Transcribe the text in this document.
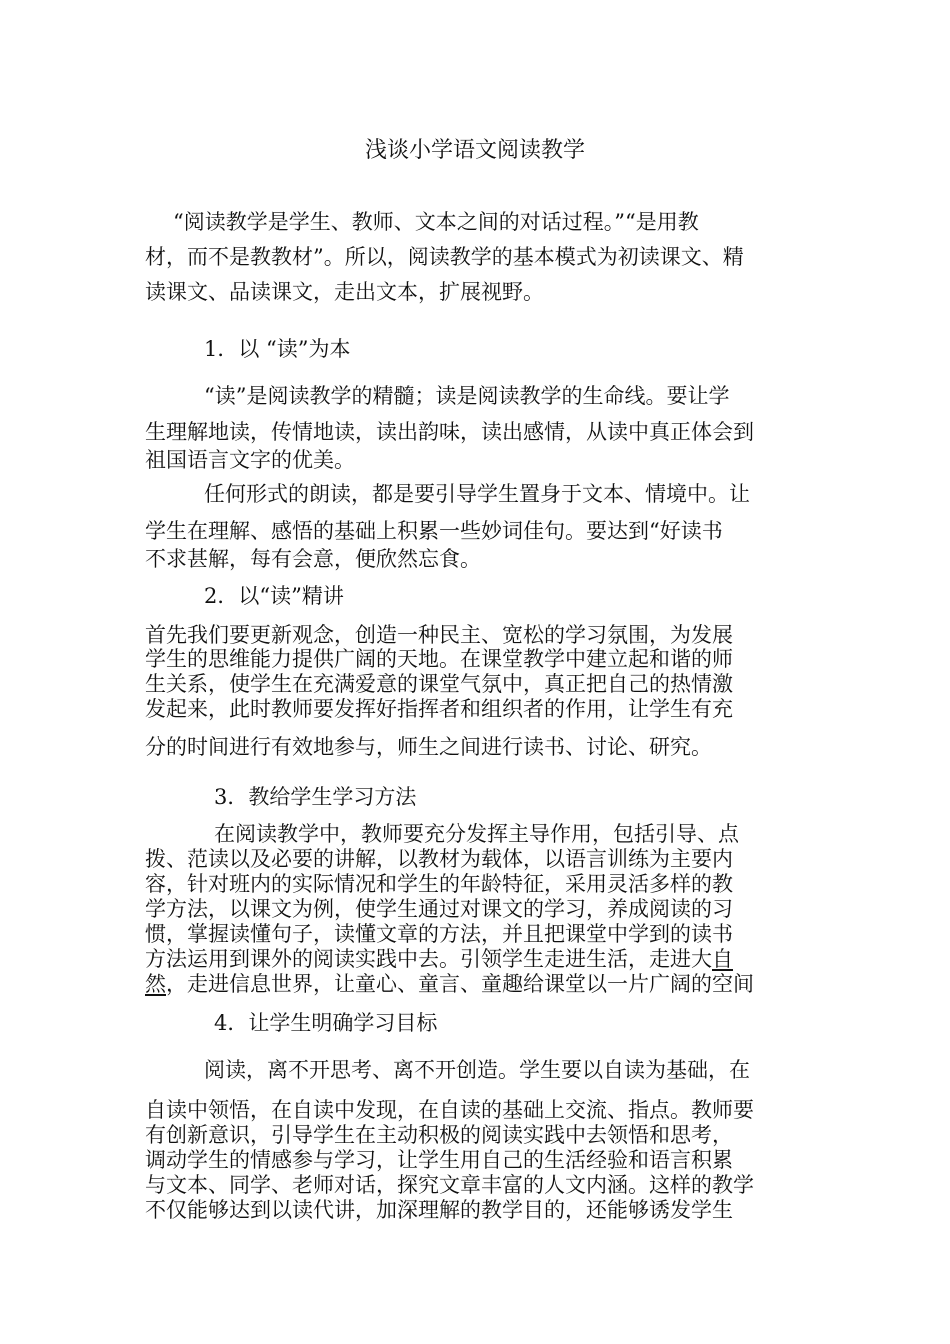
浅谈小学语文阅读教学
“阅读教学是学生、教师、文本之间的对话过程。”“是用教
材，而不是教教材”。所以，阅读教学的基本模式为初读课文、精
读课文、品读课文，走出文本，扩展视野。
1．以 “读”为本
“读”是阅读教学的精髓；读是阅读教学的生命线。要让学
生理解地读，传情地读，读出韵味，读出感情，从读中真正体会到
祖国语言文字的优美。
任何形式的朗读，都是要引导学生置身于文本、情境中。让
学生在理解、感悟的基础上积累一些妙词佳句。要达到“好读书
不求甚解，每有会意，便欣然忘食。
2．以“读”精讲
首先我们要更新观念，创造一种民主、宽松的学习氛围，为发展
学生的思维能力提供广阔的天地。在课堂教学中建立起和谐的师
生关系，使学生在充满爱意的课堂气氛中，真正把自己的热情激
发起来，此时教师要发挥好指挥者和组织者的作用，让学生有充
分的时间进行有效地参与，师生之间进行读书、讨论、研究。
3．教给学生学习方法
在阅读教学中，教师要充分发挥主导作用，包括引导、点
拨、范读以及必要的讲解，以教材为载体，以语言训练为主要内
容，针对班内的实际情况和学生的年龄特征，采用灵活多样的教
学方法，以课文为例，使学生通过对课文的学习，养成阅读的习
惯，掌握读懂句子，读懂文章的方法，并且把课堂中学到的读书
方法运用到课外的阅读实践中去。引领学生走进生活，走进大自
然，走进信息世界，让童心、童言、童趣给课堂以一片广阔的空间
4．让学生明确学习目标
阅读，离不开思考、离不开创造。学生要以自读为基础，在
自读中领悟，在自读中发现，在自读的基础上交流、指点。教师要
有创新意识，引导学生在主动积极的阅读实践中去领悟和思考，
调动学生的情感参与学习，让学生用自己的生活经验和语言积累
与文本、同学、老师对话，探究文章丰富的人文内涵。这样的教学
不仅能够达到以读代讲，加深理解的教学目的，还能够诱发学生
